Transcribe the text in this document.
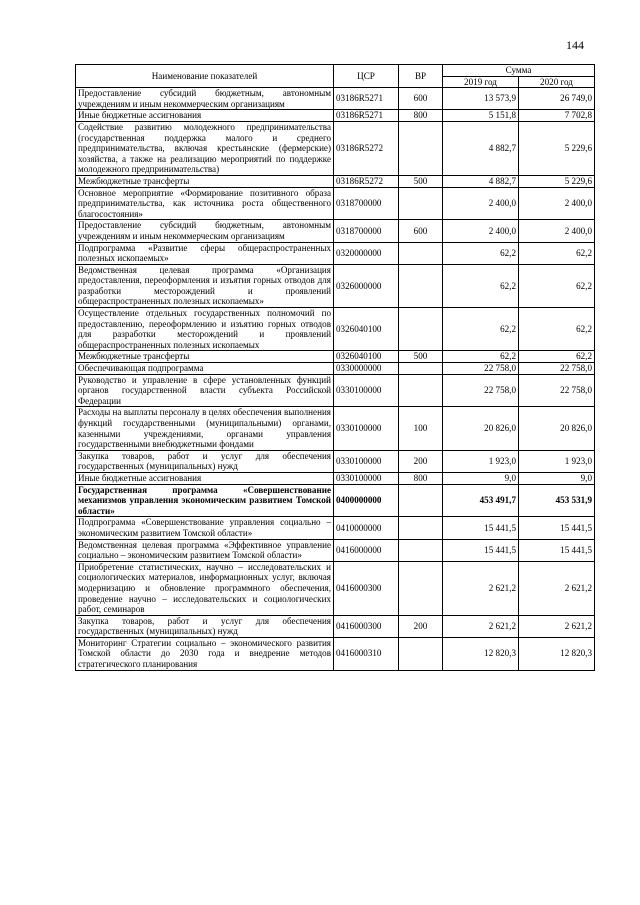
144
Наименование показателей	ЦСР	ВР	Сумма	
			2019 год	2020 год
Предоставление субсидий бюджетным, автономным учреждениям и иным некоммерческим организациям	03186R5271	600	13 573,9	26 749,0
Иные бюджетные ассигнования	03186R5271	800	5 151,8	7 702,8
Содействие развитию молодежного предпринимательства (государственная поддержка малого и среднего предпринимательства, включая крестьянские (фермерские) хозяйства, а также на реализацию мероприятий по поддержке молодежного предпринимательства)	03186R5272		4 882,7	5 229,6
Межбюджетные трансферты	03186R5272	500	4 882,7	5 229,6
Основное мероприятие «Формирование позитивного образа предпринимательства, как источника роста общественного благосостояния»	0318700000		2 400,0	2 400,0
Предоставление субсидий бюджетным, автономным учреждениям и иным некоммерческим организациям	0318700000	600	2 400,0	2 400,0
Подпрограмма «Развитие сферы общераспространенных полезных ископаемых»	0320000000		62,2	62,2
Ведомственная целевая программа «Организация предоставления, переоформления и изъятия горных отводов для разработки месторождений и проявлений общераспространенных полезных ископаемых»	0326000000		62,2	62,2
Осуществление отдельных государственных полномочий по предоставлению, переоформлению и изъятию горных отводов для разработки месторождений и проявлений общераспространенных полезных ископаемых	0326040100		62,2	62,2
Межбюджетные трансферты	0326040100	500	62,2	62,2
Обеспечивающая подпрограмма	0330000000		22 758,0	22 758,0
Руководство и управление в сфере установленных функций органов государственной власти субъекта Российской Федерации	0330100000		22 758,0	22 758,0
Расходы на выплаты персоналу в целях обеспечения выполнения функций государственными (муниципальными) органами, казенными учреждениями, органами управления государственными внебюджетными фондами	0330100000	100	20 826,0	20 826,0
Закупка товаров, работ и услуг для обеспечения государственных (муниципальных) нужд	0330100000	200	1 923,0	1 923,0
Иные бюджетные ассигнования	0330100000	800	9,0	9,0
Государственная программа «Совершенствование механизмов управления экономическим развитием Томской области»	0400000000		453 491,7	453 531,9
Подпрограмма «Совершенствование управления социально – экономическим развитием Томской области»	0410000000		15 441,5	15 441,5
Ведомственная целевая программа «Эффективное управление социально – экономическим развитием Томской области»	0416000000		15 441,5	15 441,5
Приобретение статистических, научно – исследовательских и социологических материалов, информационных услуг, включая модернизацию и обновление программного обеспечения, проведение научно – исследовательских и социологических работ, семинаров	0416000300		2 621,2	2 621,2
Закупка товаров, работ и услуг для обеспечения государственных (муниципальных) нужд	0416000300	200	2 621,2	2 621,2
Мониторинг Стратегии социально – экономического развития Томской области до 2030 года и внедрение методов стратегического планирования	0416000310		12 820,3	12 820,3
